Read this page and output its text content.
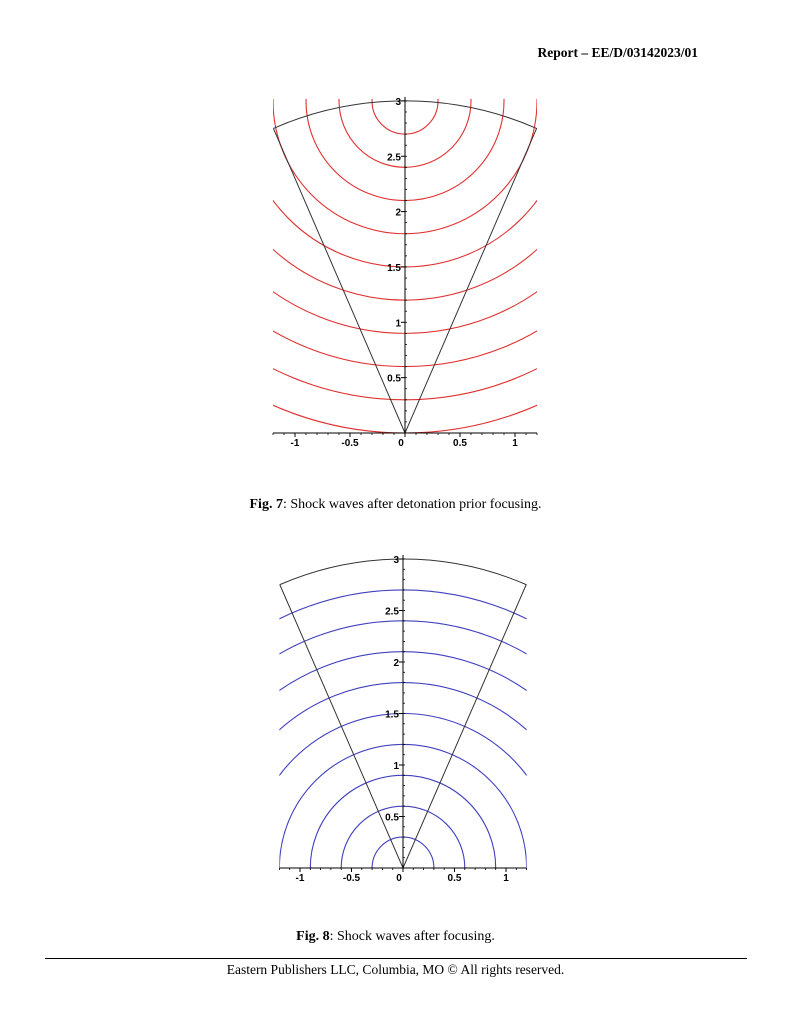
Report – EE/D/03142023/01
-1	-0.5	0	0.5	1
0.5
1
1.5
2
2.5
3
Fig. 7: Shock waves after detonation prior focusing.
-1	-0.5	0	0.5	1
0.5
1
1.5
2
2.5
3
Fig. 8: Shock waves after focusing.
Eastern Publishers LLC, Columbia, MO © All rights reserved.
